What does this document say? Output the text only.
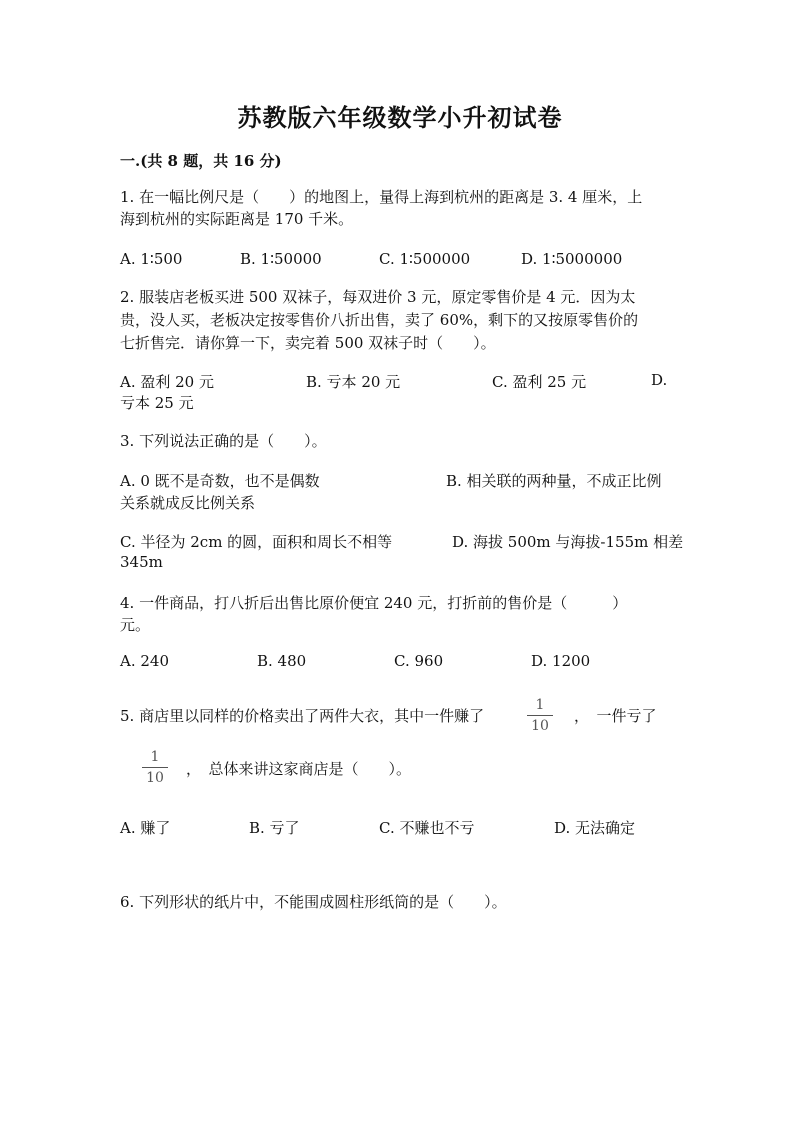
苏教版六年级数学小升初试卷
一.(共 8 题，共 16 分)
1. 在一幅比例尺是（　　）的地图上，量得上海到杭州的距离是 3. 4 厘米，上
海到杭州的实际距离是 170 千米。
A. 1∶500	B. 1∶50000	C. 1∶500000	D. 1∶5000000
2. 服装店老板买进 500 双袜子，每双进价 3 元，原定零售价是 4 元．因为太
贵，没人买，老板决定按零售价八折出售，卖了 60%，剩下的又按原零售价的
七折售完．请你算一下，卖完着 500 双袜子时（　　）。
A. 盈利 20 元	B. 亏本 20 元	C. 盈利 25 元	D.
亏本 25 元
3. 下列说法正确的是（　　）。
A. 0 既不是奇数，也不是偶数	B. 相关联的两种量，不成正比例
关系就成反比例关系
C. 半径为 2cm 的圆，面积和周长不相等	D. 海拔 500m 与海拔-155m 相差
345m
4. 一件商品，打八折后出售比原价便宜 240 元，打折前的售价是（　　　）
元。
A. 240	B. 480	C. 960	D. 1200
5. 商店里以同样的价格卖出了两件大衣，其中一件赚了
1
10
，　一件亏了
1
10 ，　总体来讲这家商店是（　　）。
A. 赚了	B. 亏了	C. 不赚也不亏	D. 无法确定
6. 下列形状的纸片中，不能围成圆柱形纸筒的是（　　）。
